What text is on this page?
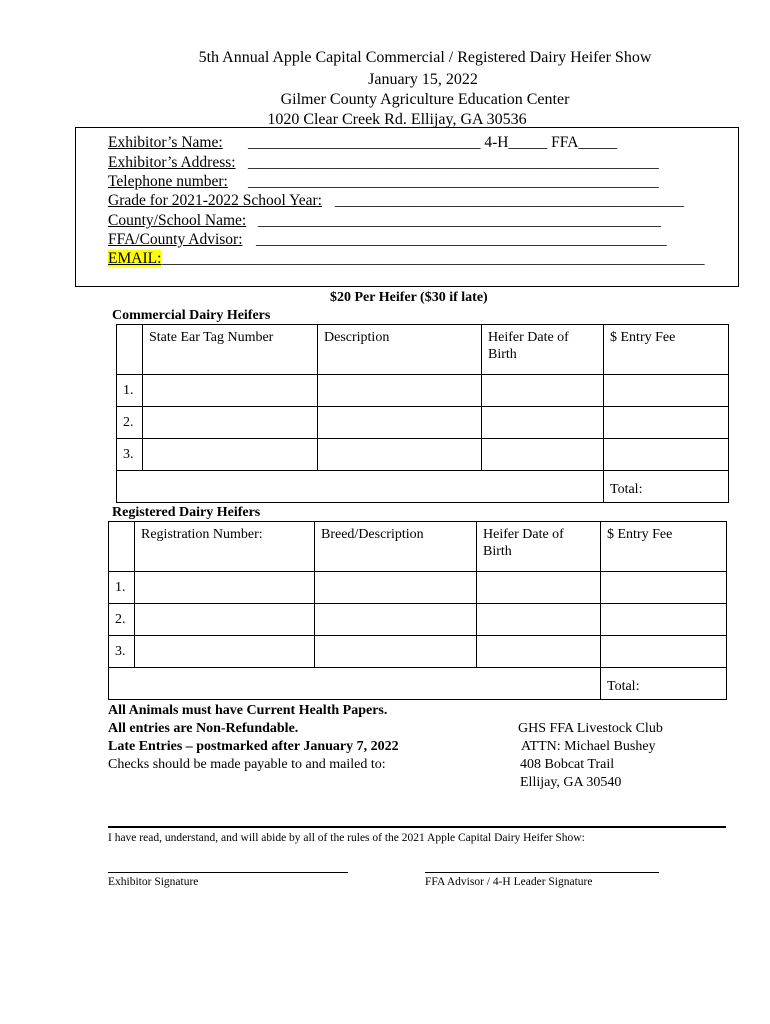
5th Annual Apple Capital Commercial / Registered Dairy Heifer Show
January 15, 2022
Gilmer County Agriculture Education Center
1020 Clear Creek Rd. Ellijay, GA 30536
Exhibitor’s Name: ______________________________ 4-H_____ FFA_____
Exhibitor’s Address: _____________________________________________________
Telephone number: _____________________________________________________
Grade for 2021-2022 School Year: _____________________________________________
County/School Name: ____________________________________________________
FFA/County Advisor: _____________________________________________________
EMAIL: ______________________________________________________________________
$20 Per Heifer ($30 if late)
Commercial Dairy Heifers
	State Ear Tag Number	Description	Heifer Date of Birth	$ Entry Fee
1.				
2.				
3.				
				Total:
Registered Dairy Heifers
	Registration Number:	Breed/Description	Heifer Date of Birth	$ Entry Fee
1.				
2.				
3.				
				Total:
All Animals must have Current Health Papers.
All entries are Non-Refundable.
Late Entries – postmarked after January 7, 2022
Checks should be made payable to and mailed to:
GHS FFA Livestock Club
ATTN: Michael Bushey
408 Bobcat Trail
Ellijay, GA 30540
I have read, understand, and will abide by all of the rules of the 2021 Apple Capital Dairy Heifer Show:
Exhibitor Signature	FFA Advisor / 4-H Leader Signature
